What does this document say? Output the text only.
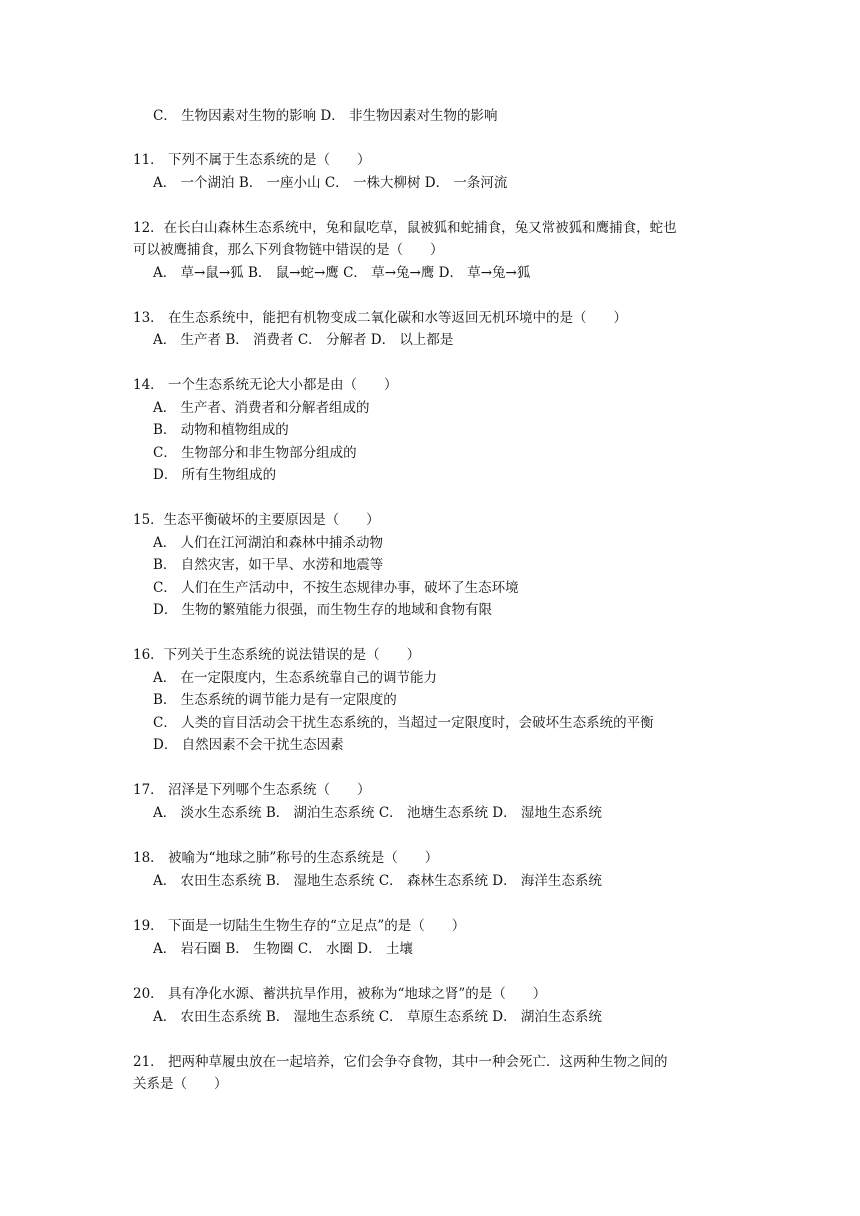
C． 生物因素对生物的影响 D． 非生物因素对生物的影响
11． 下列不属于生态系统的是（　　）
A． 一个湖泊 B． 一座小山 C． 一株大柳树 D． 一条河流
12．在长白山森林生态系统中，兔和鼠吃草，鼠被狐和蛇捕食，兔又常被狐和鹰捕食，蛇也
可以被鹰捕食，那么下列食物链中错误的是（　　）
A． 草→鼠→狐 B． 鼠→蛇→鹰 C． 草→兔→鹰 D． 草→兔→狐
13． 在生态系统中，能把有机物变成二氧化碳和水等返回无机环境中的是（　　）
A． 生产者 B． 消费者 C． 分解者 D． 以上都是
14． 一个生态系统无论大小都是由（　　）
A． 生产者、消费者和分解者组成的
B． 动物和植物组成的
C． 生物部分和非生物部分组成的
D． 所有生物组成的
15．生态平衡破坏的主要原因是（　　）
A． 人们在江河湖泊和森林中捕杀动物
B． 自然灾害，如干旱、水涝和地震等
C． 人们在生产活动中，不按生态规律办事，破坏了生态环境
D． 生物的繁殖能力很强，而生物生存的地域和食物有限
16．下列关于生态系统的说法错误的是（　　）
A． 在一定限度内，生态系统靠自己的调节能力
B． 生态系统的调节能力是有一定限度的
C． 人类的盲目活动会干扰生态系统的，当超过一定限度时，会破坏生态系统的平衡
D． 自然因素不会干扰生态因素
17． 沼泽是下列哪个生态系统（　　）
A． 淡水生态系统 B． 湖泊生态系统 C． 池塘生态系统 D． 湿地生态系统
18． 被喻为“地球之肺”称号的生态系统是（　　）
A． 农田生态系统 B． 湿地生态系统 C． 森林生态系统 D． 海洋生态系统
19． 下面是一切陆生生物生存的“立足点”的是（　　）
A． 岩石圈 B． 生物圈 C． 水圈 D． 土壤
20． 具有净化水源、蓄洪抗旱作用，被称为“地球之肾”的是（　　）
A． 农田生态系统 B． 湿地生态系统 C． 草原生态系统 D． 湖泊生态系统
21． 把两种草履虫放在一起培养，它们会争夺食物，其中一种会死亡．这两种生物之间的
关系是（　　）
